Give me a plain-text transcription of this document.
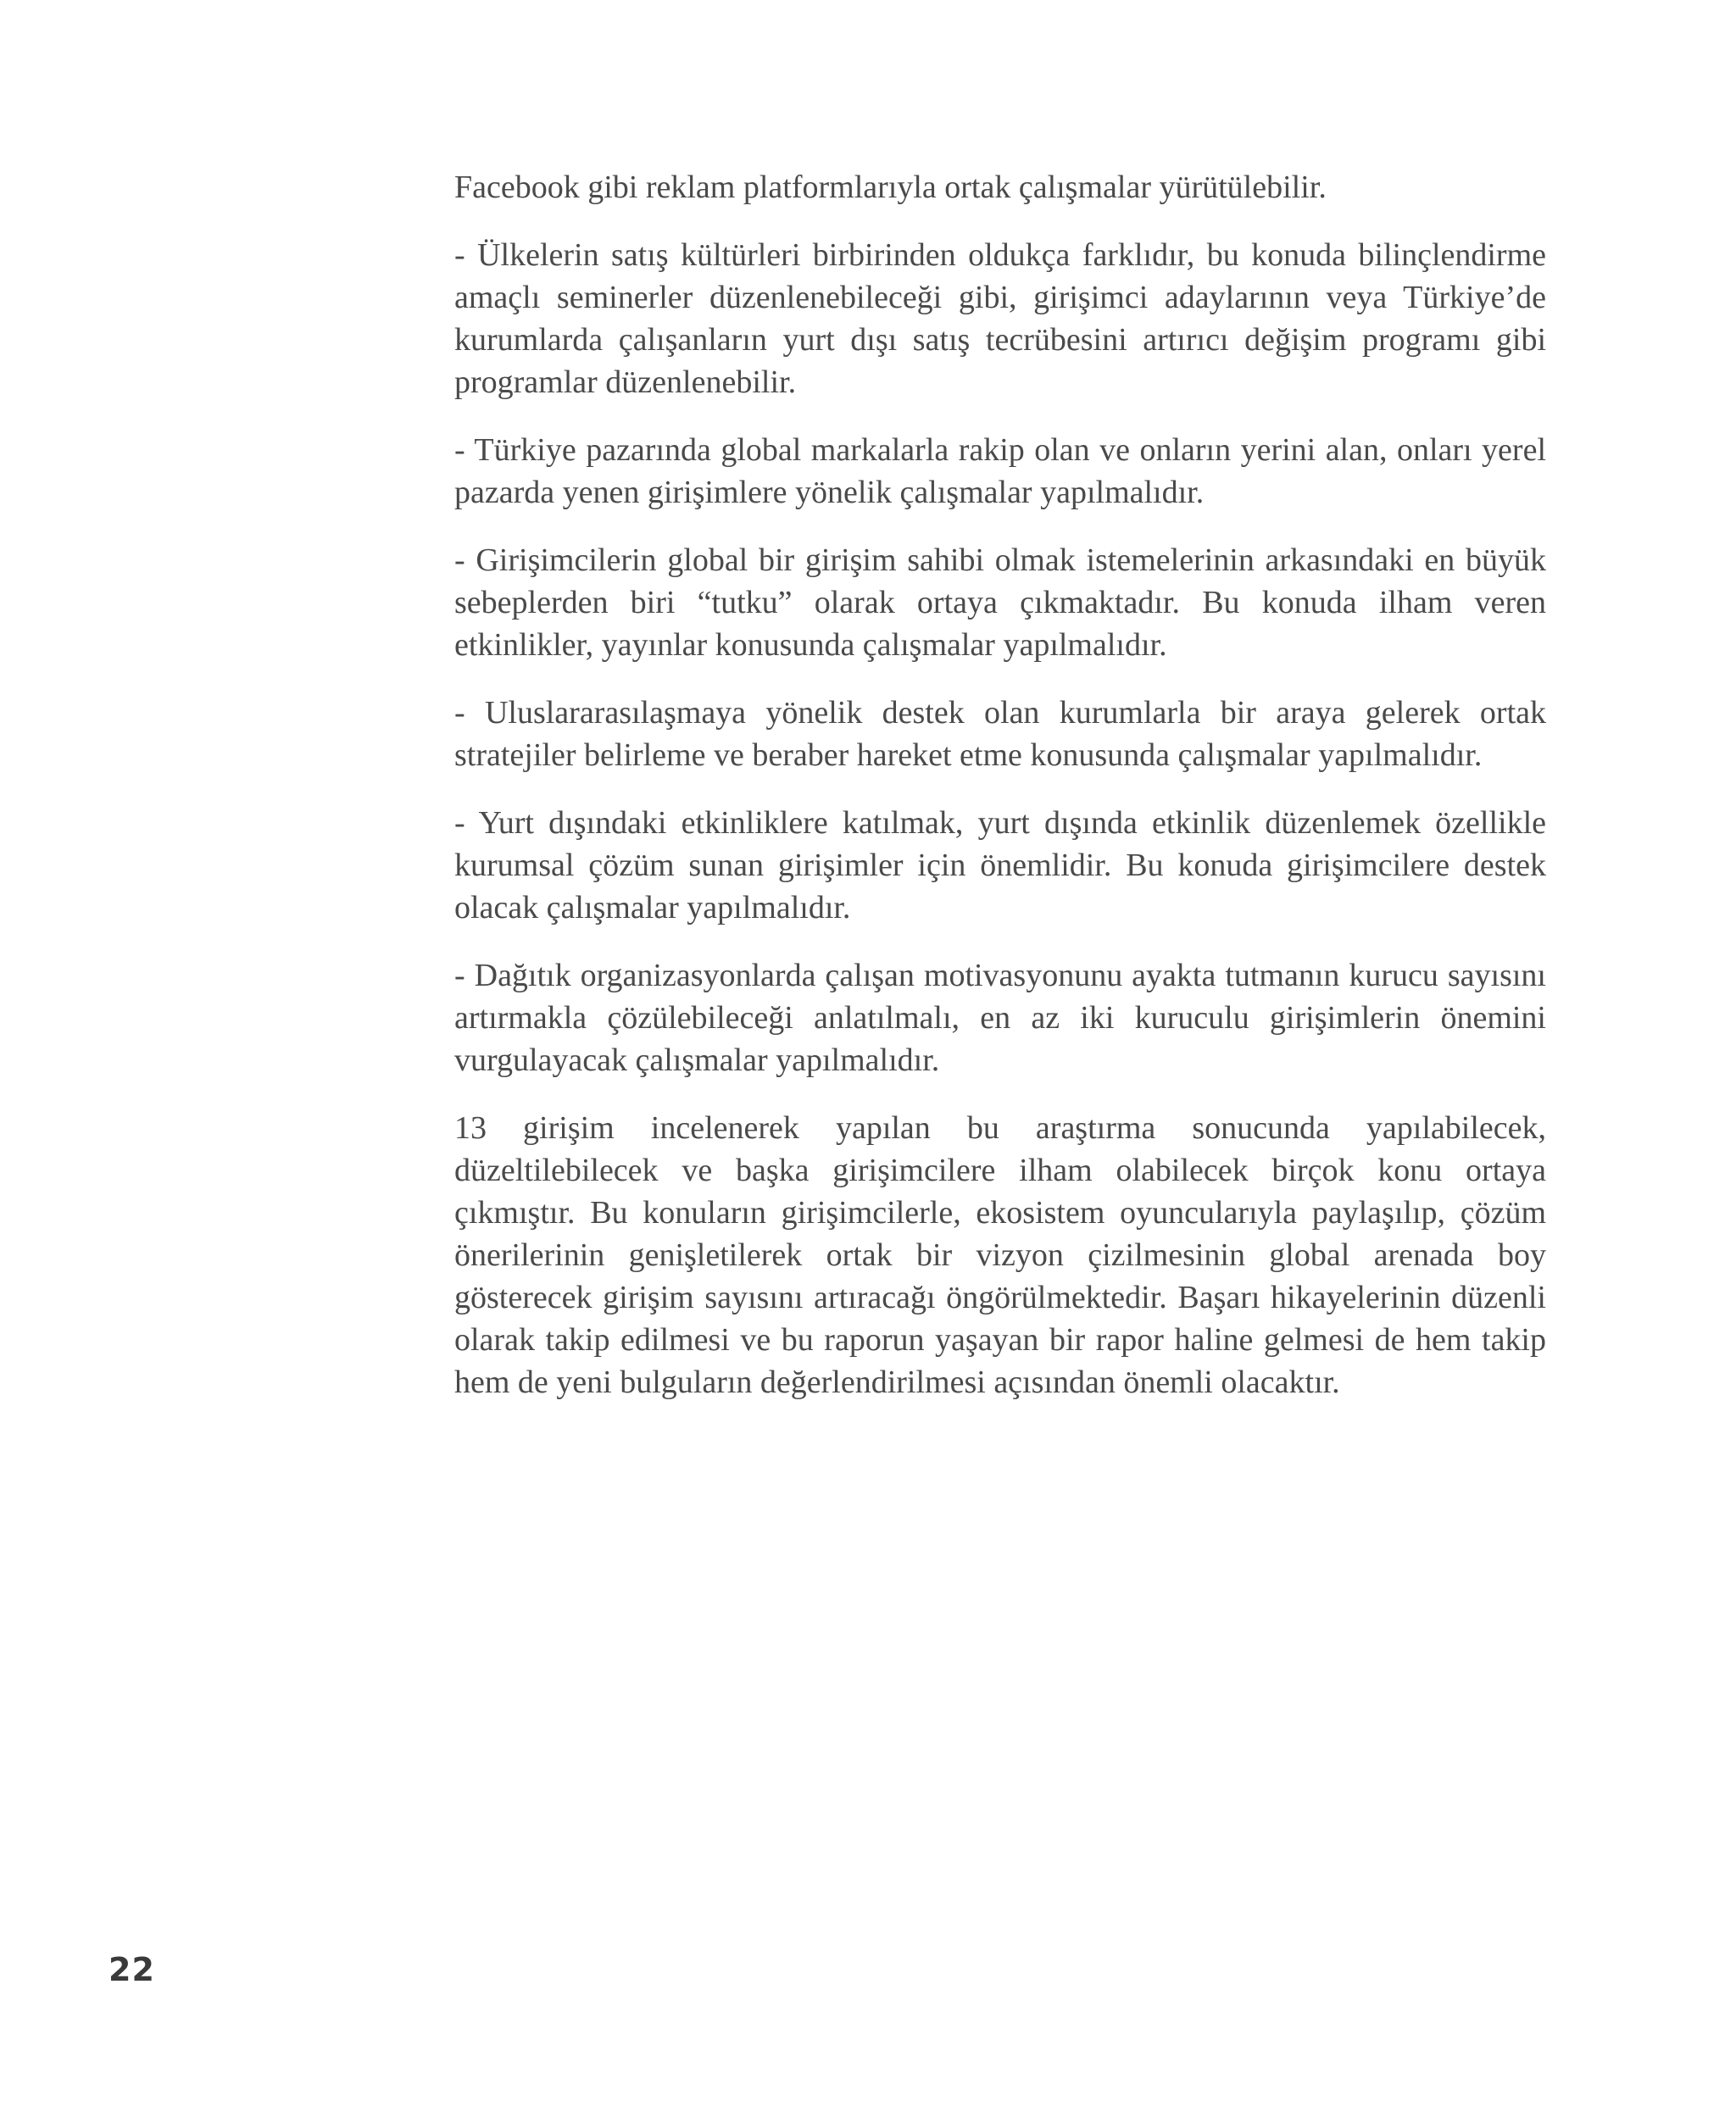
Facebook gibi reklam platformlarıyla ortak çalışmalar yürütülebilir.

- Ülkelerin satış kültürleri birbirinden oldukça farklıdır, bu konuda bilinçlendirme amaçlı seminerler düzenlenebileceği gibi, girişimci adaylarının veya Türkiye’de kurumlarda çalışanların yurt dışı satış tecrübesini artırıcı değişim programı gibi programlar düzenlenebilir.

- Türkiye pazarında global markalarla rakip olan ve onların yerini alan, onları yerel pazarda yenen girişimlere yönelik çalışmalar yapılmalıdır.

- Girişimcilerin global bir girişim sahibi olmak istemelerinin arkasındaki en büyük sebeplerden biri “tutku” olarak ortaya çıkmaktadır. Bu konuda ilham veren etkinlikler, yayınlar konusunda çalışmalar yapılmalıdır.

- Uluslararasılaşmaya yönelik destek olan kurumlarla bir araya gelerek ortak stratejiler belirleme ve beraber hareket etme konusunda çalışmalar yapılmalıdır.

- Yurt dışındaki etkinliklere katılmak, yurt dışında etkinlik düzenlemek özellikle kurumsal çözüm sunan girişimler için önemlidir. Bu konuda girişimcilere destek olacak çalışmalar yapılmalıdır.

- Dağıtık organizasyonlarda çalışan motivasyonunu ayakta tutmanın kurucu sayısını artırmakla çözülebileceği anlatılmalı, en az iki kuruculu girişimlerin önemini vurgulayacak çalışmalar yapılmalıdır.

13 girişim incelenerek yapılan bu araştırma sonucunda yapılabilecek, düzeltilebilecek ve başka girişimcilere ilham olabilecek birçok konu ortaya çıkmıştır. Bu konuların girişimcilerle, ekosistem oyuncularıyla paylaşılıp, çözüm önerilerinin genişletilerek ortak bir vizyon çizilmesinin global arenada boy gösterecek girişim sayısını artıracağı öngörülmektedir. Başarı hikayelerinin düzenli olarak takip edilmesi ve bu raporun yaşayan bir rapor haline gelmesi de hem takip hem de yeni bulguların değerlendirilmesi açısından önemli olacaktır.

22
